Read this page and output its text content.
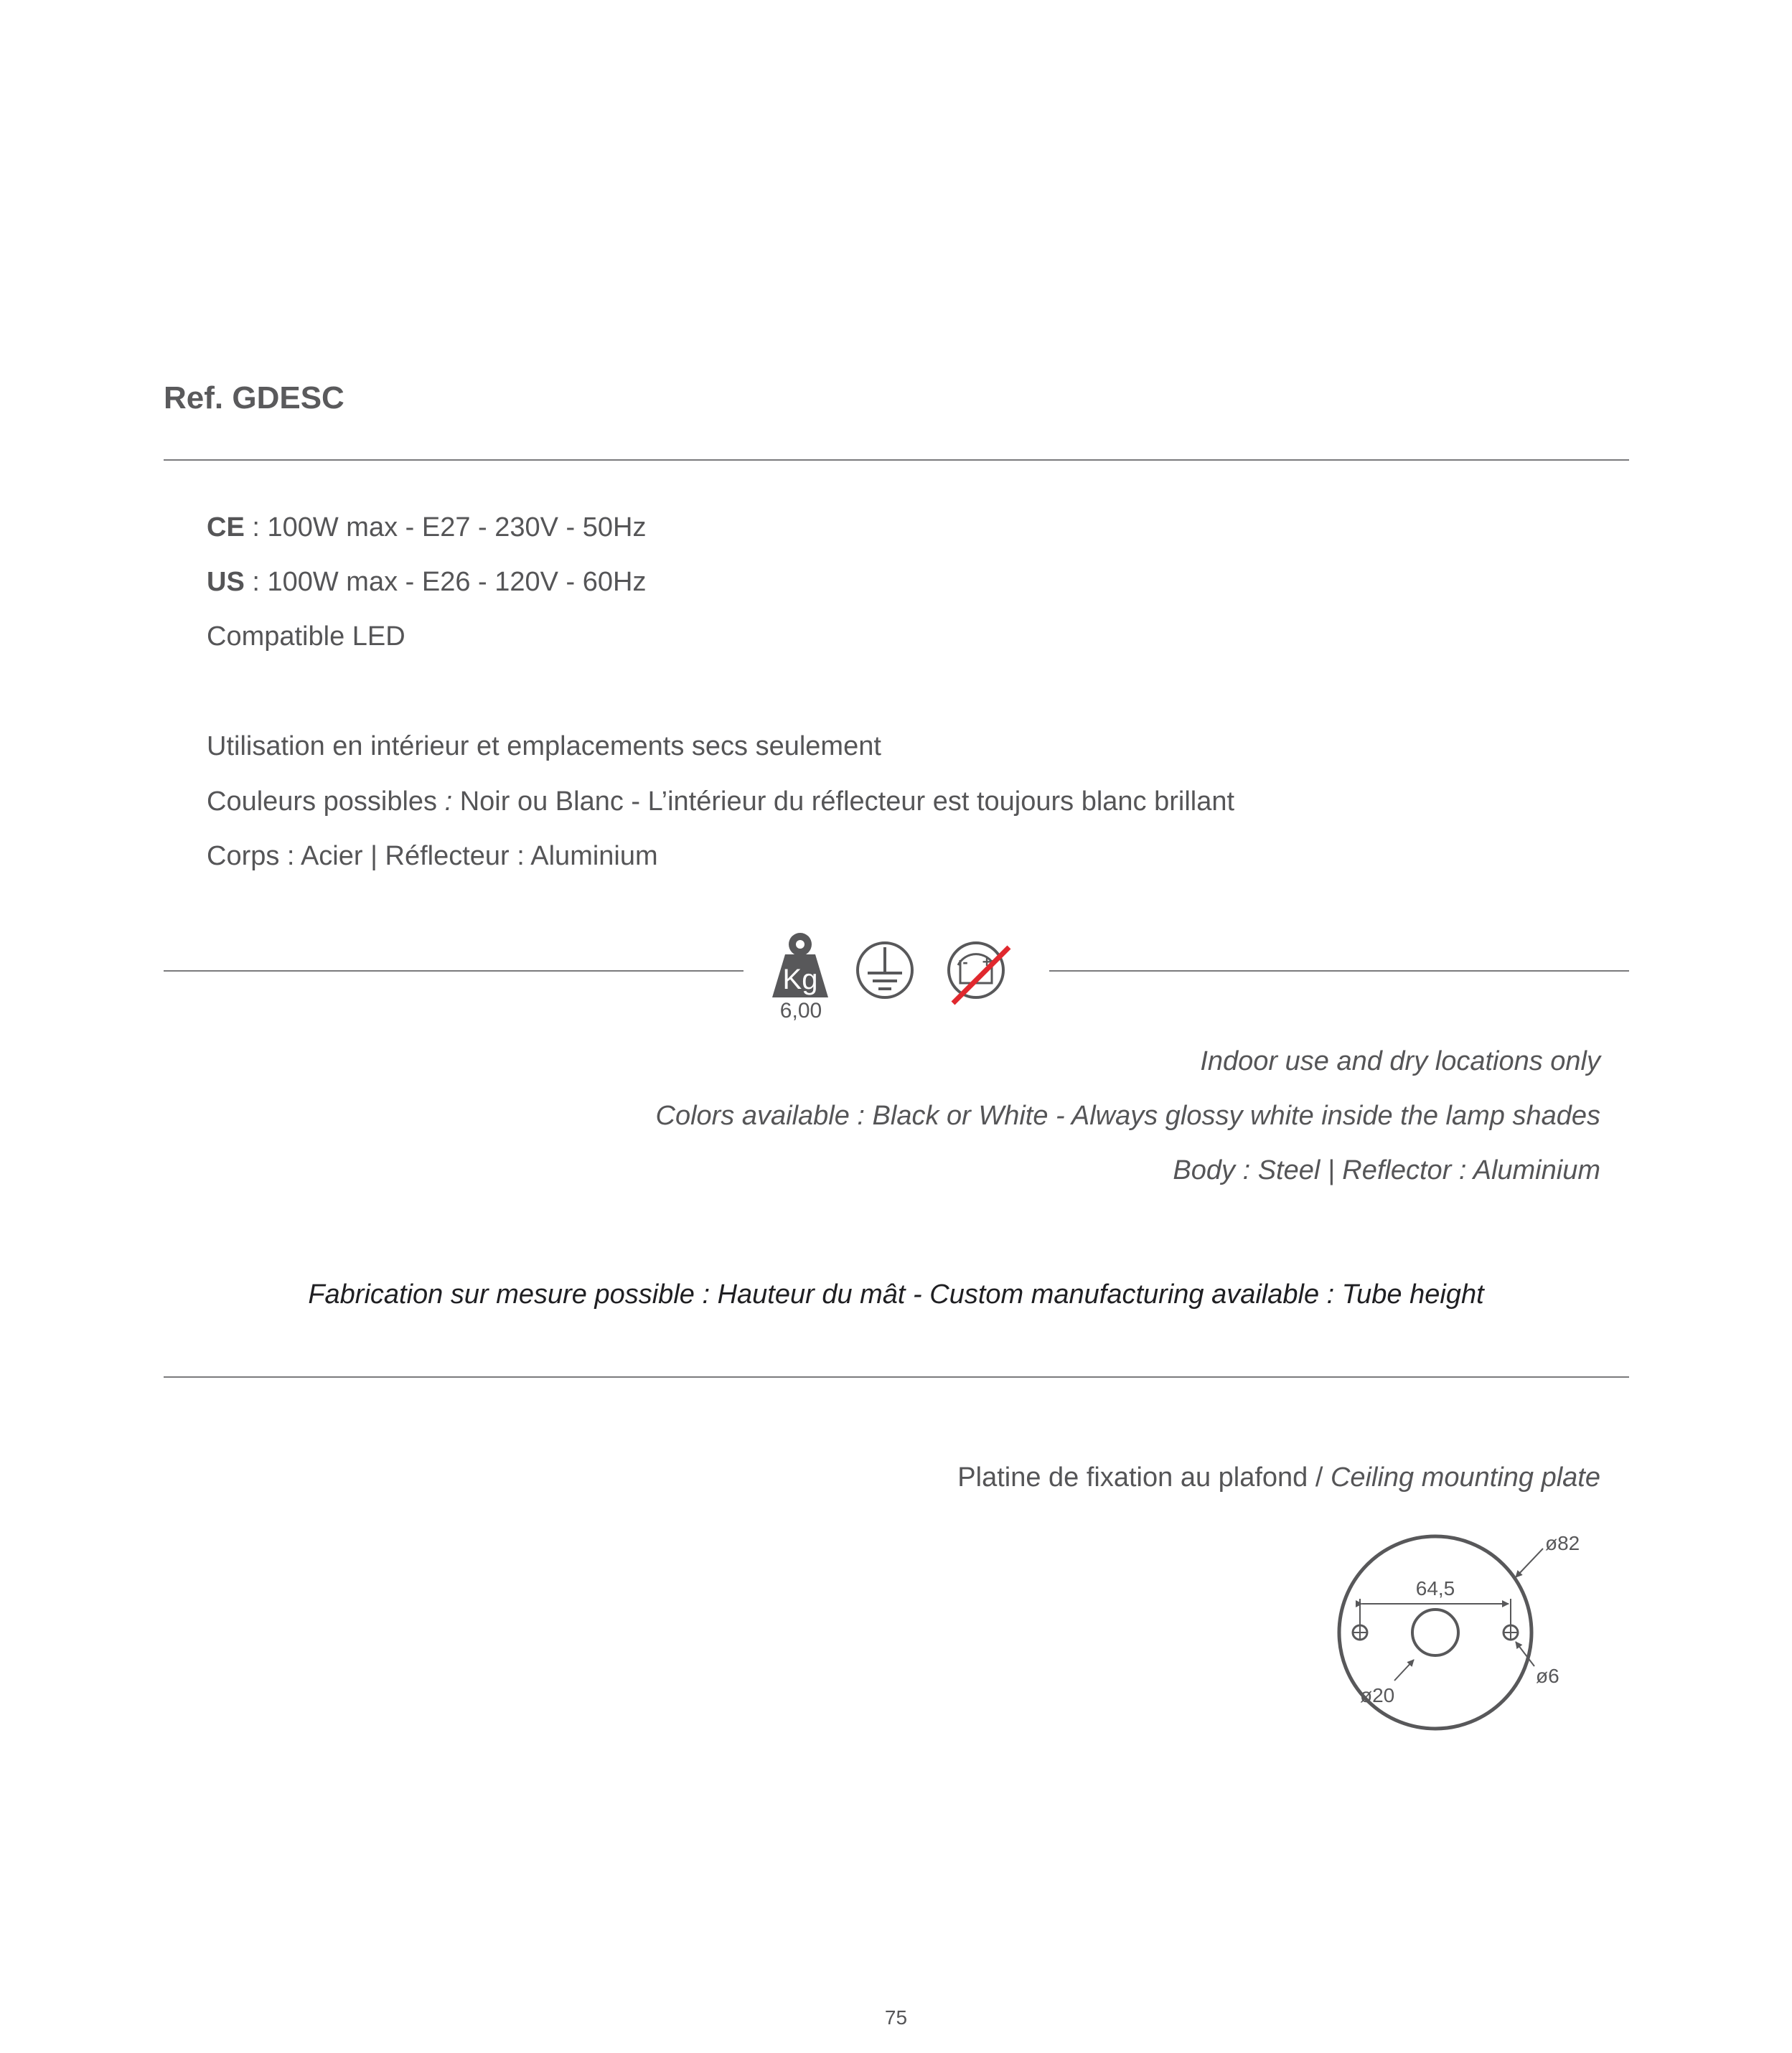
Ref. GDESC
CE : 100W max - E27 - 230V - 50Hz
US : 100W max - E26 - 120V - 60Hz
Compatible LED
Utilisation en intérieur et emplacements secs seulement
Couleurs possibles : Noir ou Blanc - L’intérieur du réflecteur est toujours blanc brillant
Corps : Acier | Réflecteur : Aluminium
Kg
6,00
- +
Indoor use and dry locations only
Colors available : Black or White - Always glossy white inside the lamp shades
Body : Steel | Reflector : Aluminium
Fabrication sur mesure possible : Hauteur du mât - Custom manufacturing available : Tube height
Platine de fixation au plafond / Ceiling mounting plate
64,5
ø82
ø20
ø6
75
